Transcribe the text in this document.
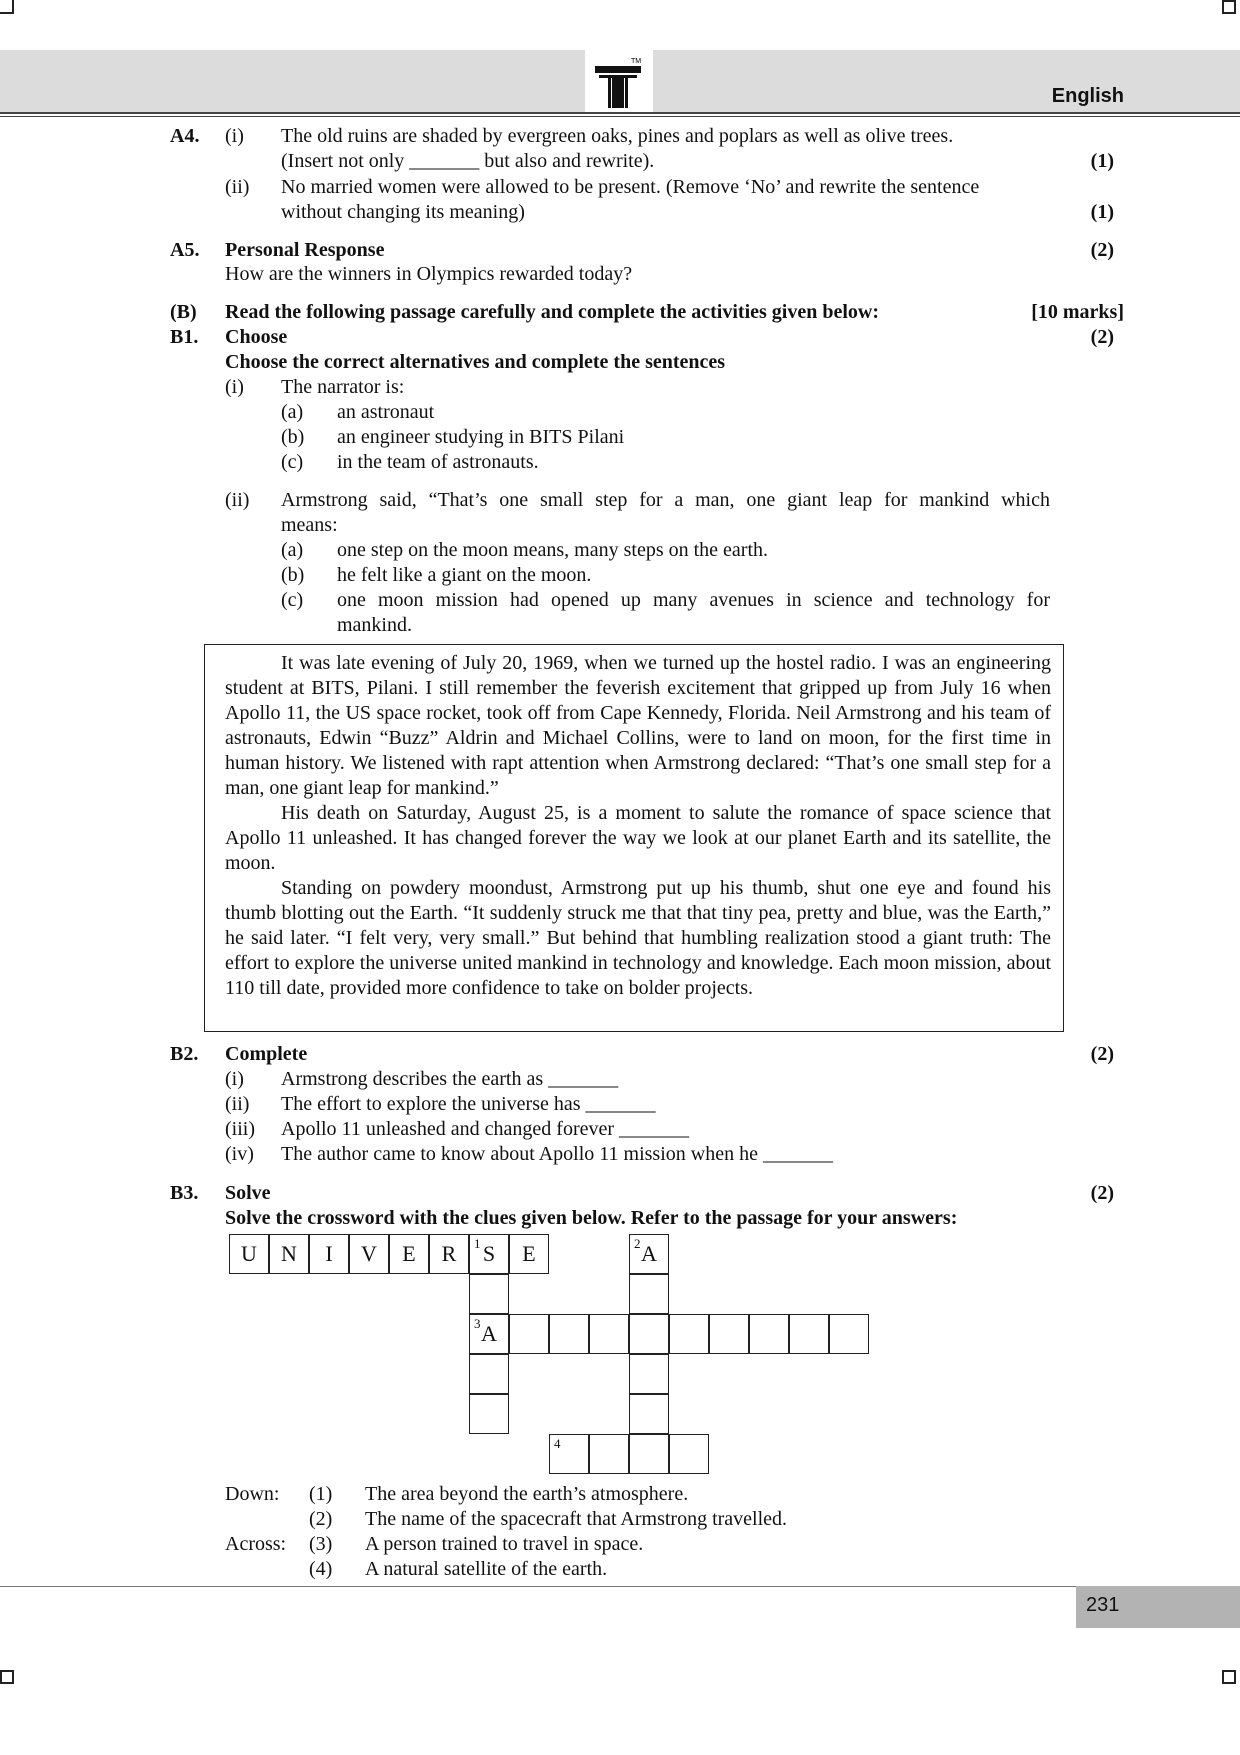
TM
English
A4. (i) The old ruins are shaded by evergreen oaks, pines and poplars as well as olive trees.
(Insert not only _______ but also and rewrite).	(1)
(ii) No married women were allowed to be present. (Remove ‘No’ and rewrite the sentence
without changing its meaning)	(1)
A5. Personal Response	(2)
How are the winners in Olympics rewarded today?
(B) Read the following passage carefully and complete the activities given below:	[10 marks]
B1. Choose	(2)
Choose the correct alternatives and complete the sentences
(i) The narrator is:
(a) an astronaut
(b) an engineer studying in BITS Pilani
(c) in the team of astronauts.
(ii) Armstrong said, “That’s one small step for a man, one giant leap for mankind which
means:
(a) one step on the moon means, many steps on the earth.
(b) he felt like a giant on the moon.
(c) one moon mission had opened up many avenues in science and technology for
mankind.

It was late evening of July 20, 1969, when we turned up the hostel radio. I was an engineering student at BITS, Pilani. I still remember the feverish excitement that gripped up from July 16 when Apollo 11, the US space rocket, took off from Cape Kennedy, Florida. Neil Armstrong and his team of astronauts, Edwin “Buzz” Aldrin and Michael Collins, were to land on moon, for the first time in human history. We listened with rapt attention when Armstrong declared: “That’s one small step for a man, one giant leap for mankind.”

His death on Saturday, August 25, is a moment to salute the romance of space science that Apollo 11 unleashed. It has changed forever the way we look at our planet Earth and its satellite, the moon.

Standing on powdery moondust, Armstrong put up his thumb, shut one eye and found his thumb blotting out the Earth. “It suddenly struck me that that tiny pea, pretty and blue, was the Earth,” he said later. “I felt very, very small.” But behind that humbling realization stood a giant truth: The effort to explore the universe united mankind in technology and knowledge. Each moon mission, about 110 till date, provided more confidence to take on bolder projects.

B2. Complete	(2)
(i) Armstrong describes the earth as _______
(ii) The effort to explore the universe has _______
(iii) Apollo 11 unleashed and changed forever _______
(iv) The author came to know about Apollo 11 mission when he _______
B3. Solve	(2)
Solve the crossword with the clues given below. Refer to the passage for your answers:
U	N	I	V	E	R	1 S	E	2 A
3 A
4
Down: (1) The area beyond the earth’s atmosphere.
(2) The name of the spacecraft that Armstrong travelled.
Across: (3) A person trained to travel in space.
(4) A natural satellite of the earth.
231
